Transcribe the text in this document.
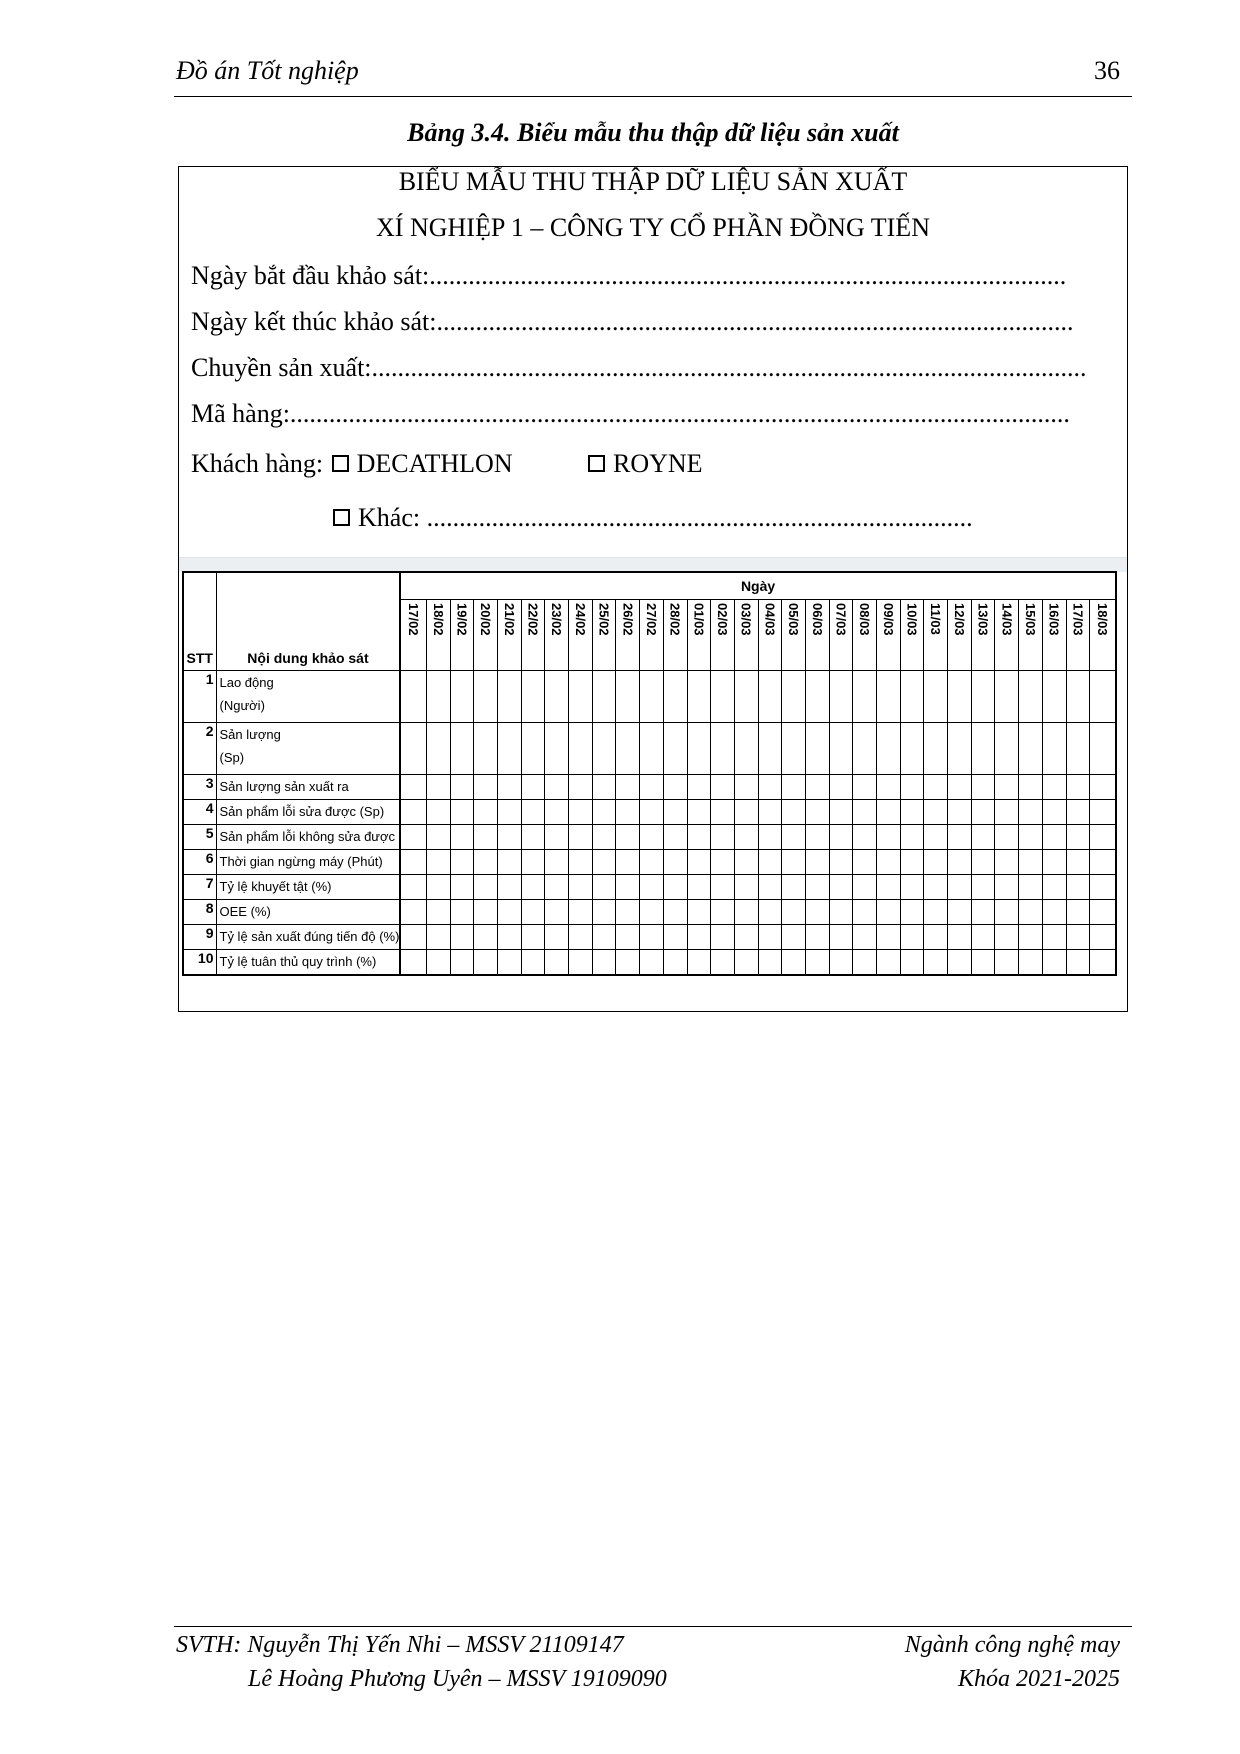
Đồ án Tốt nghiệp	36
Bảng 3.4. Biểu mẫu thu thập dữ liệu sản xuất
BIỂU MẪU THU THẬP DỮ LIỆU SẢN XUẤT
XÍ NGHIỆP 1 – CÔNG TY CỔ PHẦN ĐỒNG TIẾN
Ngày bắt đầu khảo sát:..................................................................................................
Ngày kết thúc khảo sát:..................................................................................................
Chuyền sản xuất:..............................................................................................................
Mã hàng:........................................................................................................................
Khách hàng: DECATHLON	ROYNE
Khác: ....................................................................................
STT	Nội dung khảo sát	Ngày																													

		17/02	18/02	19/02	20/02	21/02	22/02	23/02	24/02	25/02	26/02	27/02	28/02	01/03	02/03	03/03	04/03	05/03	06/03	07/03	08/03	09/03	10/03	11/03	12/03	13/03	14/03	15/03	16/03	17/03	18/03

1	Lao động
(Người)																														

2	Sản lượng
(Sp)																														

3	Sản lượng sản xuất ra																														

4	Sản phẩm lỗi sửa được (Sp)																														

5	Sản phẩm lỗi không sửa được																														

6	Thời gian ngừng máy (Phút)																														

7	Tỷ lệ khuyết tật (%)																														

8	OEE (%)																														

9	Tỷ lệ sản xuất đúng tiến độ (%)																														

10	Tỷ lệ tuân thủ quy trình (%)																														

SVTH: Nguyễn Thị Yến Nhi – MSSV 21109147
Lê Hoàng Phương Uyên – MSSV 19109090
Ngành công nghệ may
Khóa 2021-2025
